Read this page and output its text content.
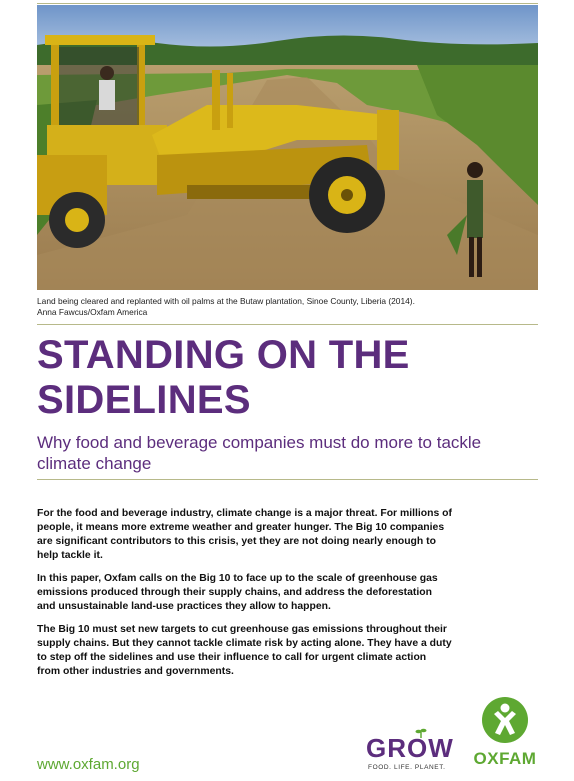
Land being cleared and replanted with oil palms at the Butaw plantation, Sinoe County, Liberia (2014).
Anna Fawcus/Oxfam America
STANDING ON THE
SIDELINES
Why food and beverage companies must do more to tackle climate change

For the food and beverage industry, climate change is a major threat. For millions of people, it means more extreme weather and greater hunger. The Big 10 companies are significant contributors to this crisis, yet they are not doing nearly enough to help tackle it.

In this paper, Oxfam calls on the Big 10 to face up to the scale of greenhouse gas emissions produced through their supply chains, and address the deforestation and unsustainable land-use practices they allow to happen.

The Big 10 must set new targets to cut greenhouse gas emissions throughout their supply chains. But they cannot tackle climate risk by acting alone. They have a duty to step off the sidelines and use their influence to call for urgent climate action from other industries and governments.

www.oxfam.org
GROW
FOOD. LIFE. PLANET. OXFAM
